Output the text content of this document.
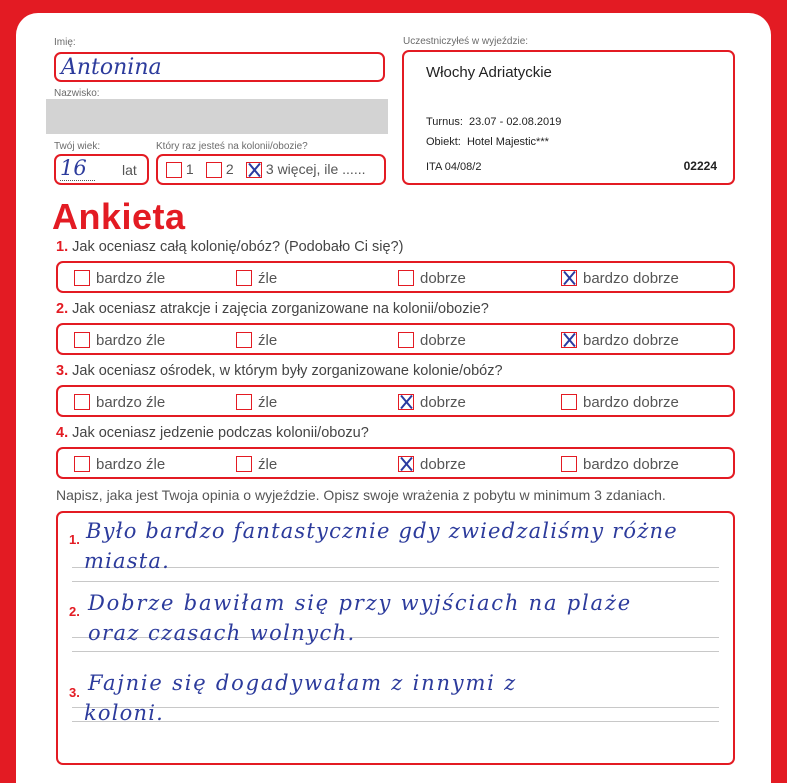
Imię:
Antonina
Nazwisko:
Twój wiek:
16	lat
Który raz jesteś na kolonii/obozie?
1	2	3 więcej, ile ......
Uczestniczyłeś w wyjeździe:
Włochy Adriatyckie
Turnus: 23.07 - 02.08.2019
Obiekt: Hotel Majestic***
ITA 04/08/2	02224
Ankieta
1. Jak oceniasz całą kolonię/obóz? (Podobało Ci się?)
bardzo źle	źle	dobrze	bardzo dobrze
2. Jak oceniasz atrakcje i zajęcia zorganizowane na kolonii/obozie?
bardzo źle	źle	dobrze	bardzo dobrze
3. Jak oceniasz ośrodek, w którym były zorganizowane kolonie/obóz?
bardzo źle	źle	dobrze	bardzo dobrze
4. Jak oceniasz jedzenie podczas kolonii/obozu?
bardzo źle	źle	dobrze	bardzo dobrze
Napisz, jaka jest Twoja opinia o wyjeździe. Opisz swoje wrażenia z pobytu w minimum 3 zdaniach.
1. Było bardzo fantastycznie gdy zwiedzaliśmy różne
miasta.
2. Dobrze bawiłam się przy wyjściach na plaże
oraz czasach wolnych.
3. Fajnie się dogadywałam z innymi z
koloni.
